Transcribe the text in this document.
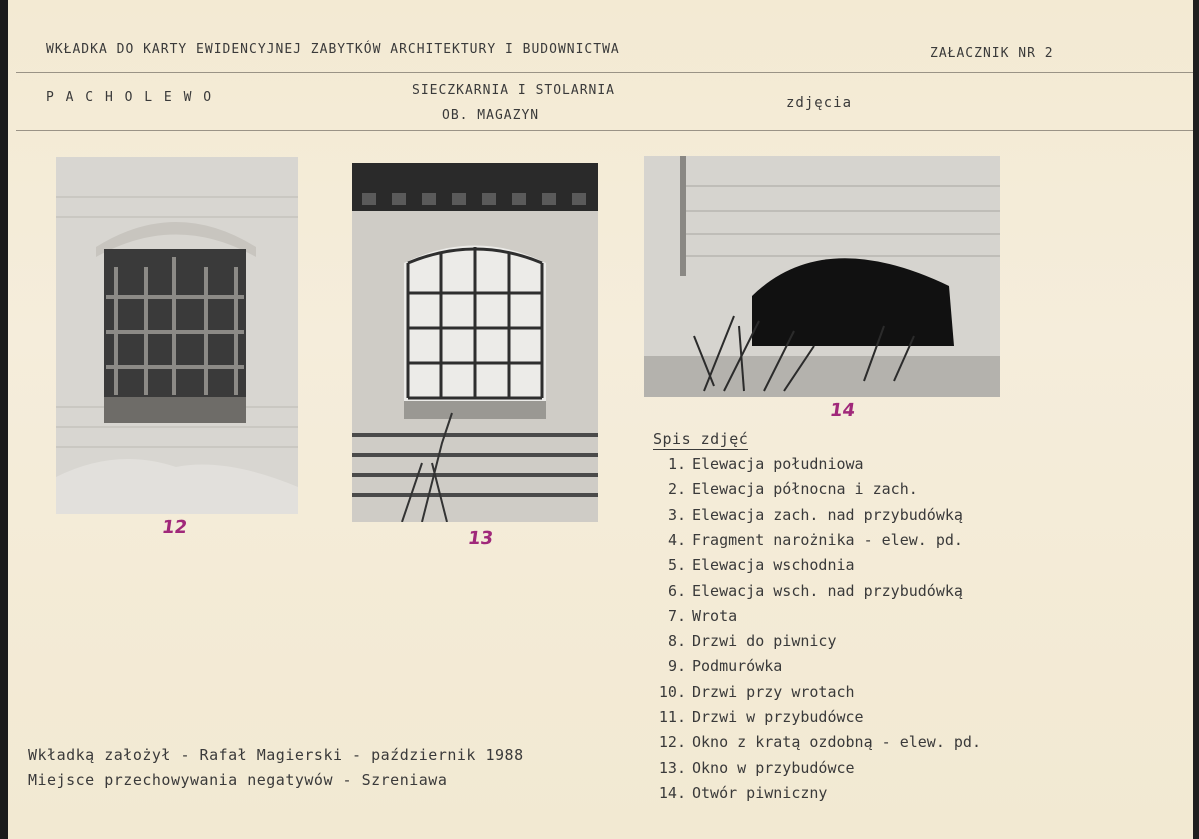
WKŁADKA DO KARTY EWIDENCYJNEJ ZABYTKÓW ARCHITEKTURY I BUDOWNICTWA	ZAŁACZNIK NR 2
P A C H O L E W O	SIECZKARNIA I STOLARNIA
OB. MAGAZYN
zdjęcia
12
13
14
Spis zdjęć
1. Elewacja południowa
2. Elewacja północna i zach.
3. Elewacja zach. nad przybudówką
4. Fragment narożnika - elew. pd.
5. Elewacja wschodnia
6. Elewacja wsch. nad przybudówką
7. Wrota
8. Drzwi do piwnicy
9. Podmurówka
10. Drzwi przy wrotach
11. Drzwi w przybudówce
12. Okno z kratą ozdobną - elew. pd.
13. Okno w przybudówce
14. Otwór piwniczny
Wkładką założył - Rafał Magierski - październik 1988
Miejsce przechowywania negatywów - Szreniawa
